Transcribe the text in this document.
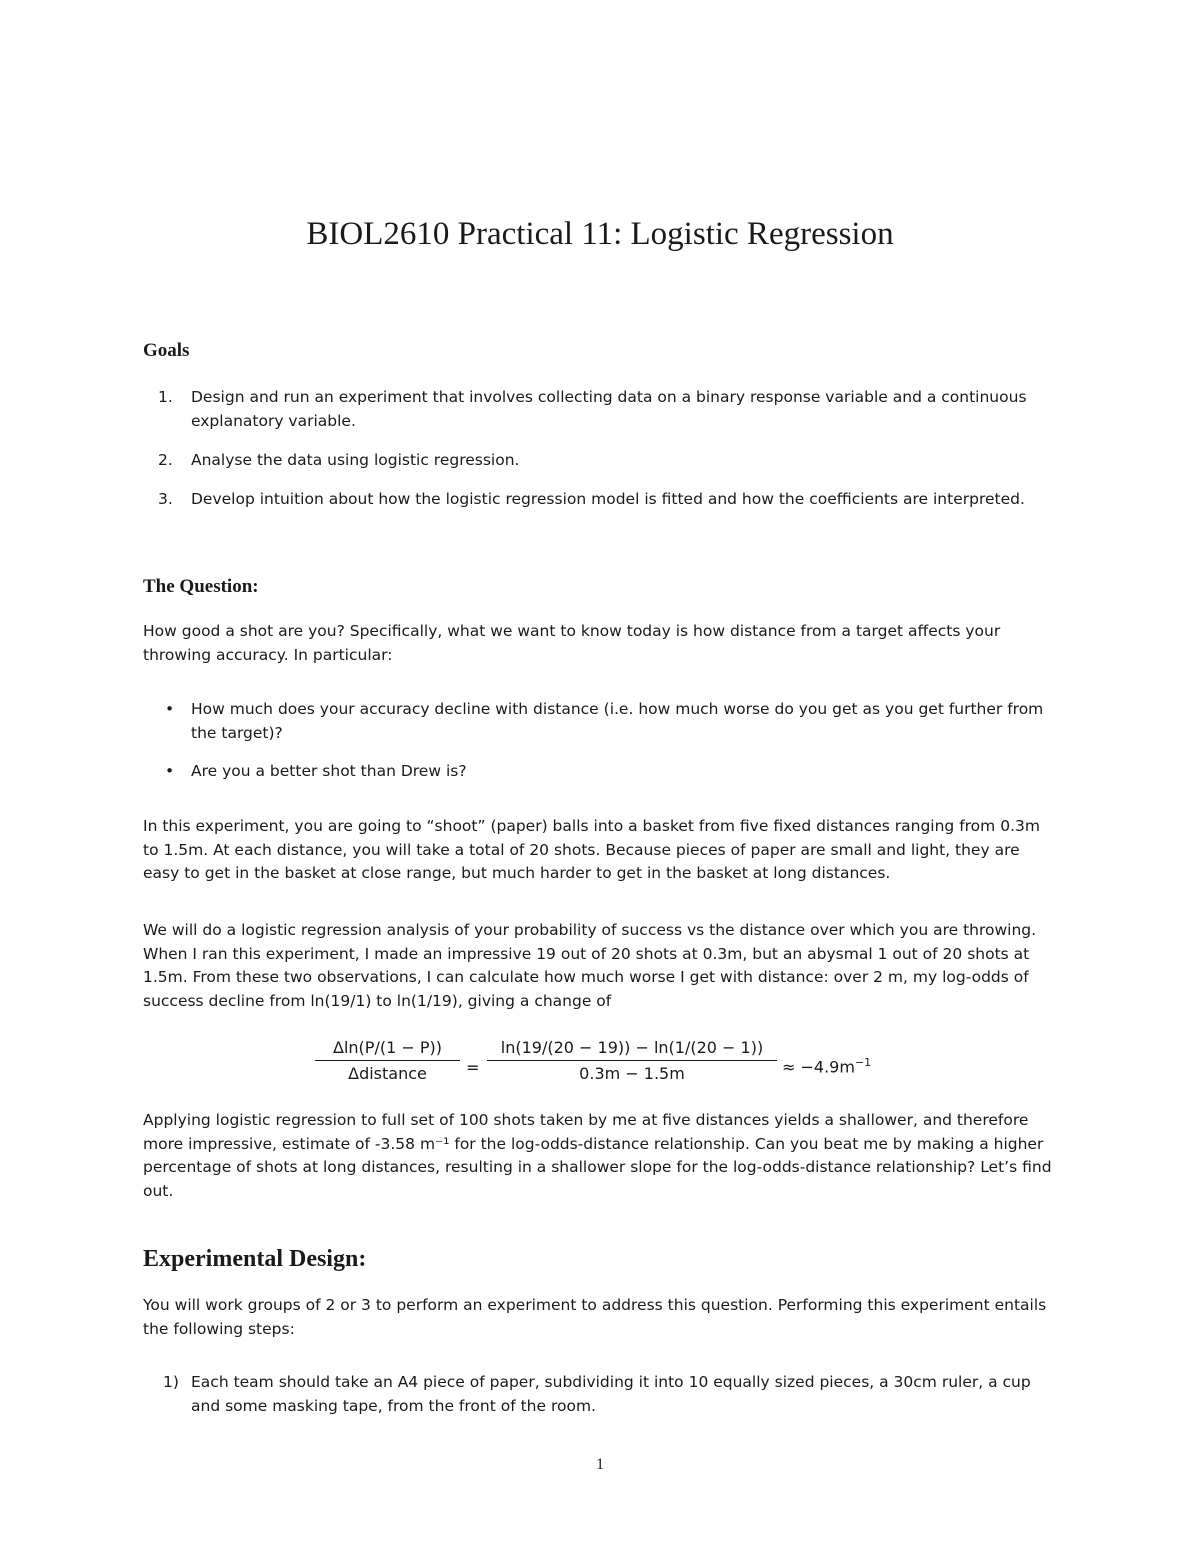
BIOL2610 Practical 11: Logistic Regression
Goals
1.	Design and run an experiment that involves collecting data on a binary response variable and a continuous explanatory variable.
2.	Analyse the data using logistic regression.
3.	Develop intuition about how the logistic regression model is fitted and how the coefficients are interpreted.
The Question:
How good a shot are you? Specifically, what we want to know today is how distance from a target affects your throwing accuracy. In particular:
•	How much does your accuracy decline with distance (i.e. how much worse do you get as you get further from the target)?
•	Are you a better shot than Drew is?
In this experiment, you are going to “shoot” (paper) balls into a basket from five fixed distances ranging from 0.3m to 1.5m. At each distance, you will take a total of 20 shots. Because pieces of paper are small and light, they are easy to get in the basket at close range, but much harder to get in the basket at long distances.
We will do a logistic regression analysis of your probability of success vs the distance over which you are throwing. When I ran this experiment, I made an impressive 19 out of 20 shots at 0.3m, but an abysmal 1 out of 20 shots at 1.5m. From these two observations, I can calculate how much worse I get with distance: over 2 m, my log-odds of success decline from ln(19/1) to ln(1/19), giving a change of
Δln(P/(1 − P))
Δdistance	= $\frac{\ln(19/(20 - 19)) - \ln(1/(20 - 1))}{0.3m - 1.5m} \approx -4.9m^{-1}$
Applying logistic regression to full set of 100 shots taken by me at five distances yields a shallower, and therefore more impressive, estimate of -3.58 m⁻¹ for the log-odds-distance relationship. Can you beat me by making a higher percentage of shots at long distances, resulting in a shallower slope for the log-odds-distance relationship? Let’s find out.
Experimental Design:
You will work groups of 2 or 3 to perform an experiment to address this question. Performing this experiment entails the following steps:
1) Each team should take an A4 piece of paper, subdividing it into 10 equally sized pieces, a 30cm ruler, a cup and some masking tape, from the front of the room.
1
